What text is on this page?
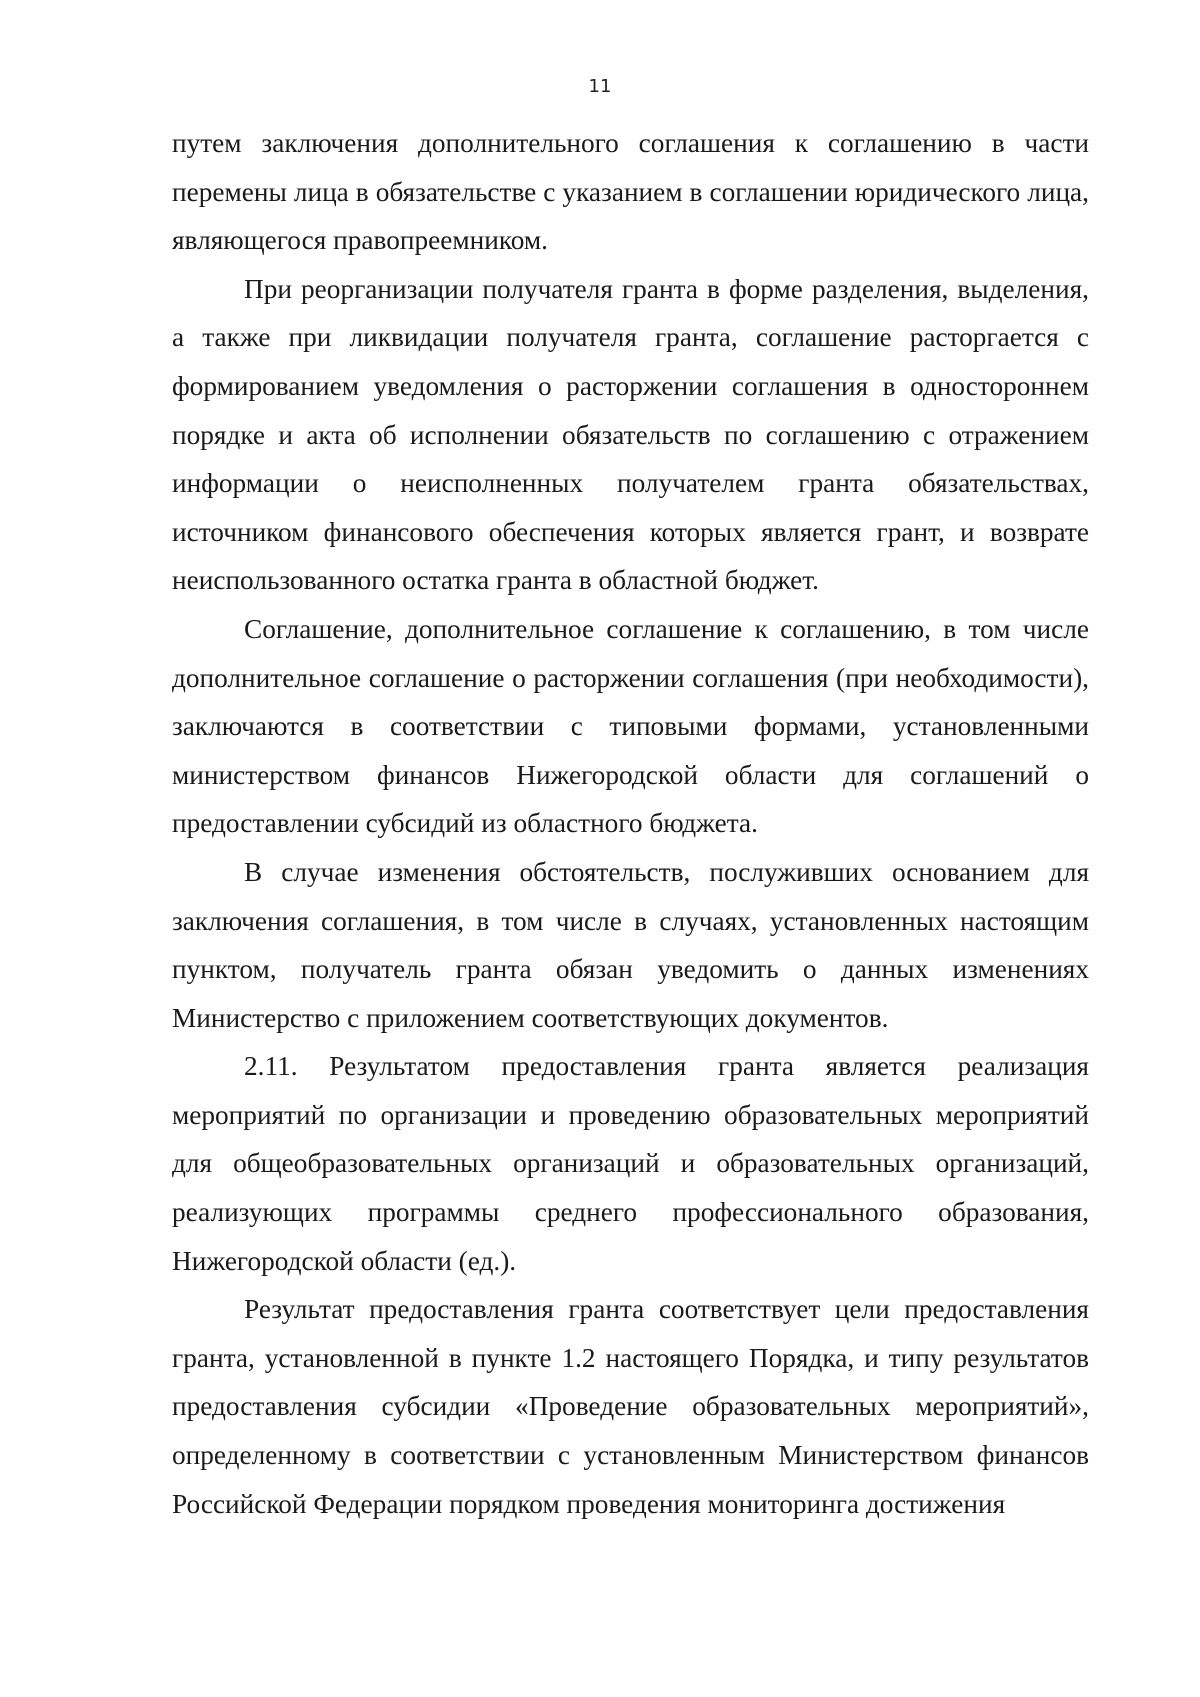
11

путем заключения дополнительного соглашения к соглашению в части перемены лица в обязательстве с указанием в соглашении юридического лица, являющегося правопреемником.

При реорганизации получателя гранта в форме разделения, выделения, а также при ликвидации получателя гранта, соглашение расторгается с формированием уведомления о расторжении соглашения в одностороннем порядке и акта об исполнении обязательств по соглашению с отражением информации о неисполненных получателем гранта обязательствах, источником финансового обеспечения которых является грант, и возврате неиспользованного остатка гранта в областной бюджет.

Соглашение, дополнительное соглашение к соглашению, в том числе дополнительное соглашение о расторжении соглашения (при необходимости), заключаются в соответствии с типовыми формами, установленными министерством финансов Нижегородской области для соглашений о предоставлении субсидий из областного бюджета.

В случае изменения обстоятельств, послуживших основанием для заключения соглашения, в том числе в случаях, установленных настоящим пунктом, получатель гранта обязан уведомить о данных изменениях Министерство с приложением соответствующих документов.

2.11. Результатом предоставления гранта является реализация мероприятий по организации и проведению образовательных мероприятий для общеобразовательных организаций и образовательных организаций, реализующих программы среднего профессионального образования, Нижегородской области (ед.).

Результат предоставления гранта соответствует цели предоставления гранта, установленной в пункте 1.2 настоящего Порядка, и типу результатов предоставления субсидии «Проведение образовательных мероприятий», определенному в соответствии с установленным Министерством финансов Российской Федерации порядком проведения мониторинга достижения
